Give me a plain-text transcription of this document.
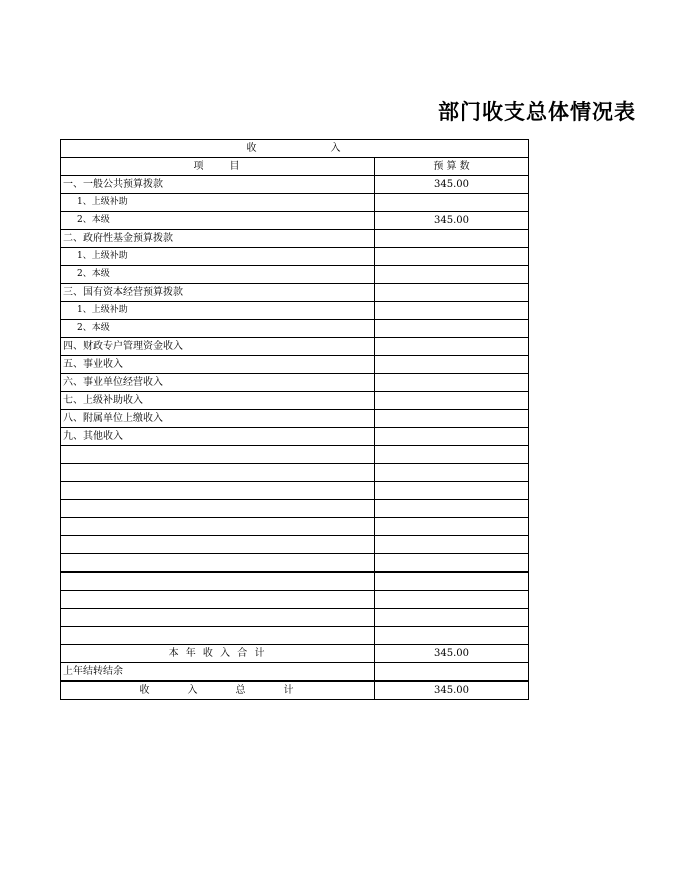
部门收支总体情况表
收　　　　　　入	
项　　目	预 算 数
一、一般公共预算拨款	345.00
1、上级补助	
2、本级	345.00
二、政府性基金预算拨款	
1、上级补助	
2、本级	
三、国有资本经营预算拨款	
1、上级补助	
2、本级	
四、财政专户管理资金收入	
五、事业收入	
六、事业单位经营收入	
七、上级补助收入	
八、附属单位上缴收入	
九、其他收入	

本 年 收 入 合 计	345.00
上年结转结余	
收　　　入　　　总　　　计	345.00
